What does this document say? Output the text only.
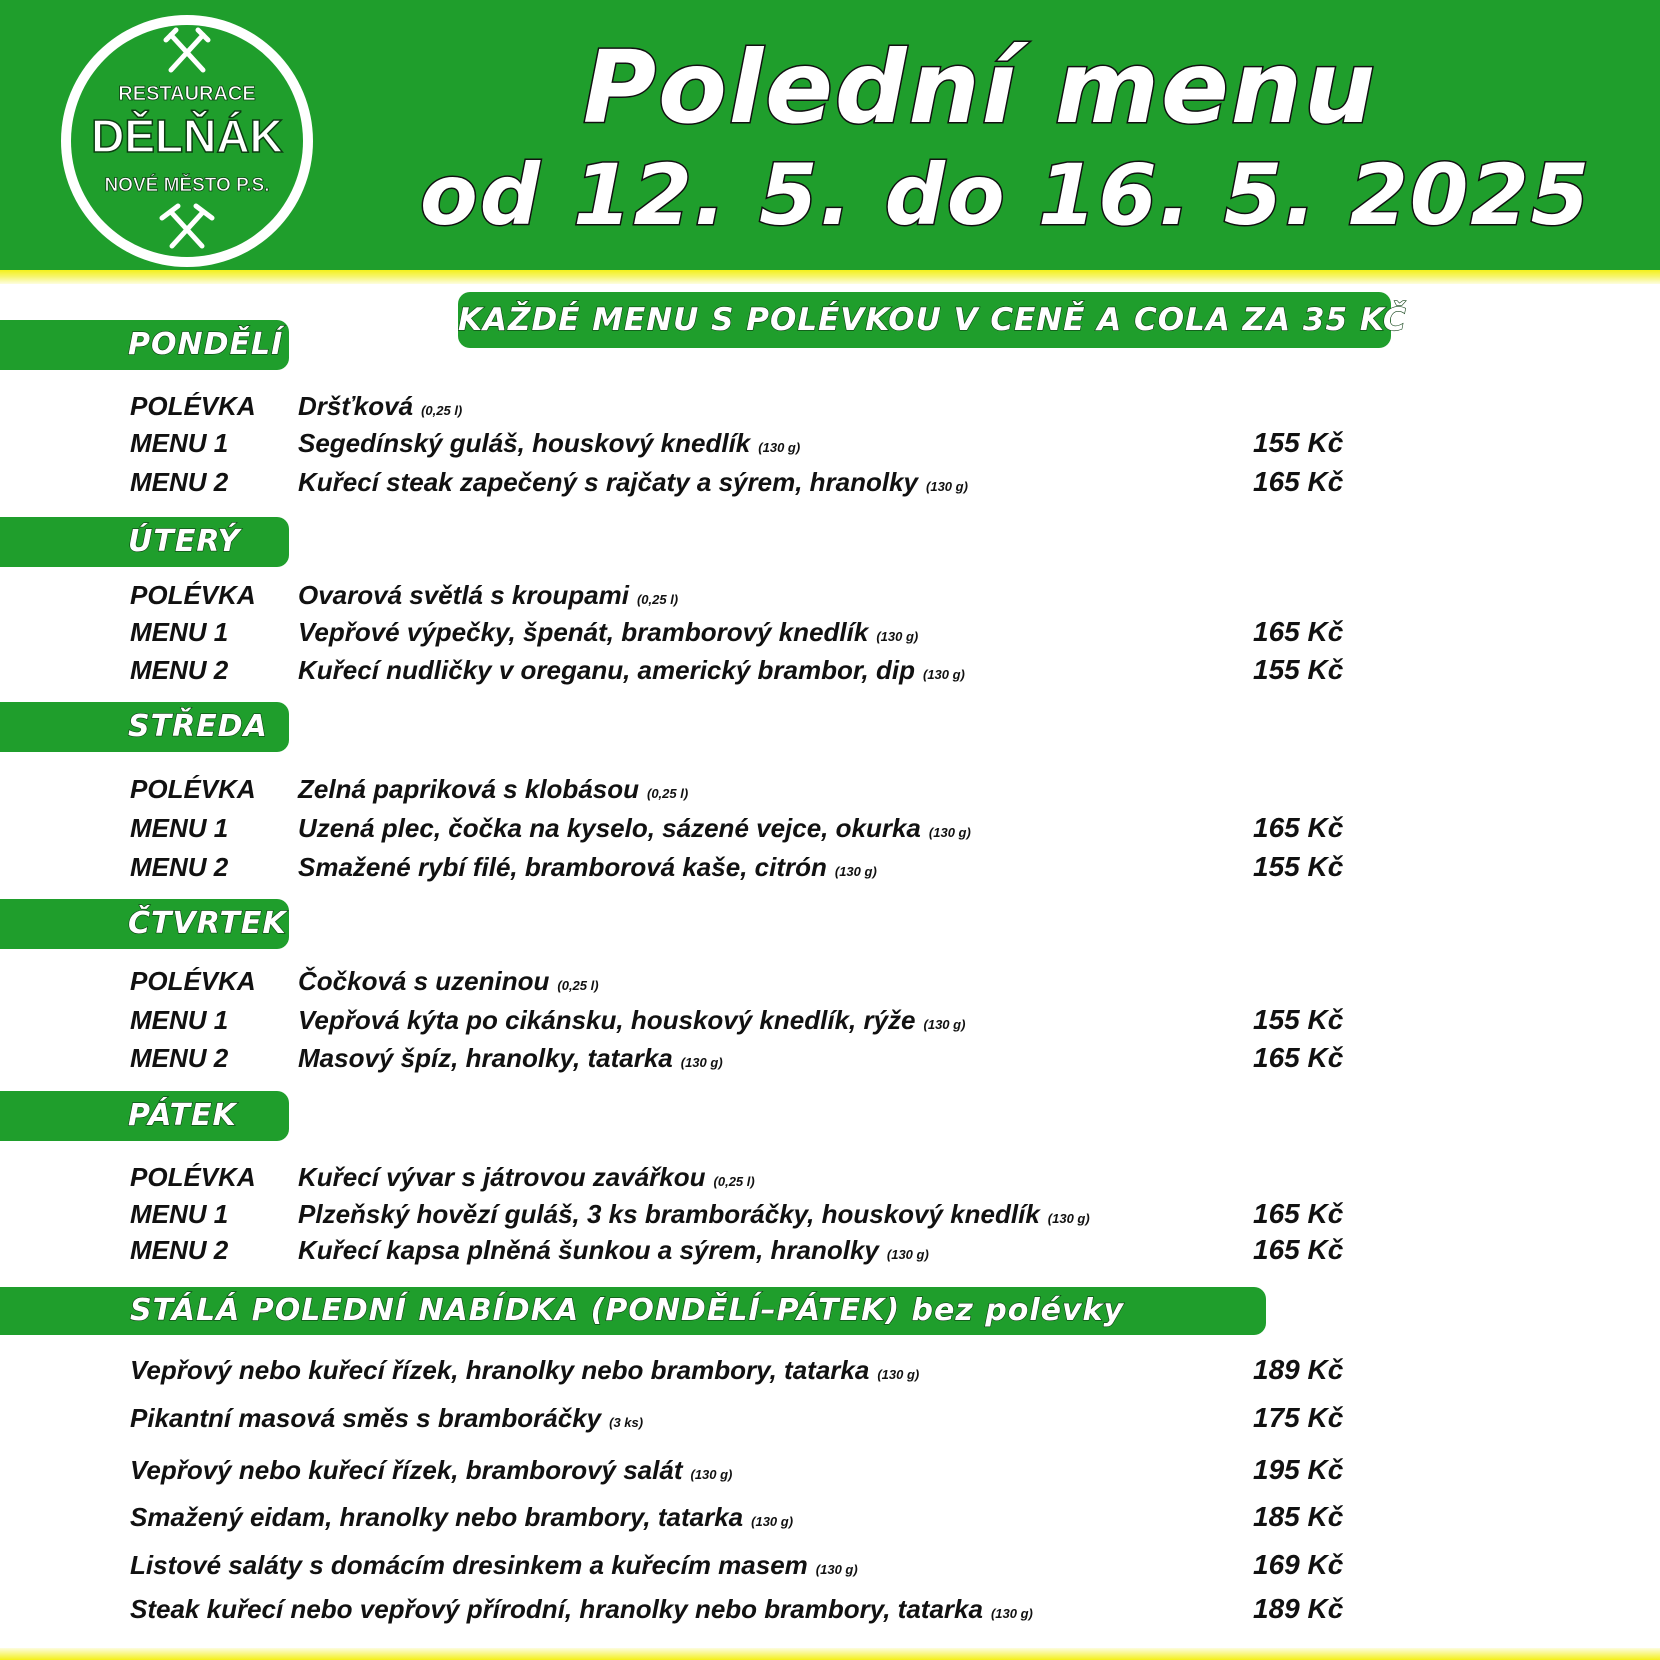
RESTAURACE
DĚLŇÁK
NOVÉ MĚSTO P.S.
Polední menu
od 12. 5. do 16. 5. 2025
KAŽDÉ MENU S POLÉVKOU V CENĚ A COLA ZA 35 KČ
PONDĚLÍ
POLÉVKA Dršťková (0,25 l)
MENU 1	Segedínský guláš, houskový knedlík (130 g)	155 Kč
MENU 2	Kuřecí steak zapečený s rajčaty a sýrem, hranolky (130 g)	165 Kč
ÚTERÝ
POLÉVKA Ovarová světlá s kroupami (0,25 l)
MENU 1	Vepřové výpečky, špenát, bramborový knedlík (130 g)	165 Kč
MENU 2	Kuřecí nudličky v oreganu, americký brambor, dip (130 g)	155 Kč
STŘEDA
POLÉVKA Zelná papriková s klobásou (0,25 l)
MENU 1	Uzená plec, čočka na kyselo, sázené vejce, okurka (130 g)	165 Kč
MENU 2	Smažené rybí filé, bramborová kaše, citrón (130 g)	155 Kč
ČTVRTEK
POLÉVKA Čočková s uzeninou (0,25 l)
MENU 1	Vepřová kýta po cikánsku, houskový knedlík, rýže (130 g)	155 Kč
MENU 2	Masový špíz, hranolky, tatarka (130 g)	165 Kč
PÁTEK
POLÉVKA Kuřecí vývar s játrovou zavářkou (0,25 l)
MENU 1	Plzeňský hovězí guláš, 3 ks bramboráčky, houskový knedlík (130 g)	165 Kč
MENU 2	Kuřecí kapsa plněná šunkou a sýrem, hranolky (130 g)	165 Kč
STÁLÁ POLEDNÍ NABÍDKA (PONDĚLÍ–PÁTEK) bez polévky
Vepřový nebo kuřecí řízek, hranolky nebo brambory, tatarka (130 g)	189 Kč
Pikantní masová směs s bramboráčky (3 ks)	175 Kč
Vepřový nebo kuřecí řízek, bramborový salát (130 g)	195 Kč
Smažený eidam, hranolky nebo brambory, tatarka (130 g)	185 Kč
Listové saláty s domácím dresinkem a kuřecím masem (130 g)	169 Kč
Steak kuřecí nebo vepřový přírodní, hranolky nebo brambory, tatarka (130 g)	189 Kč
